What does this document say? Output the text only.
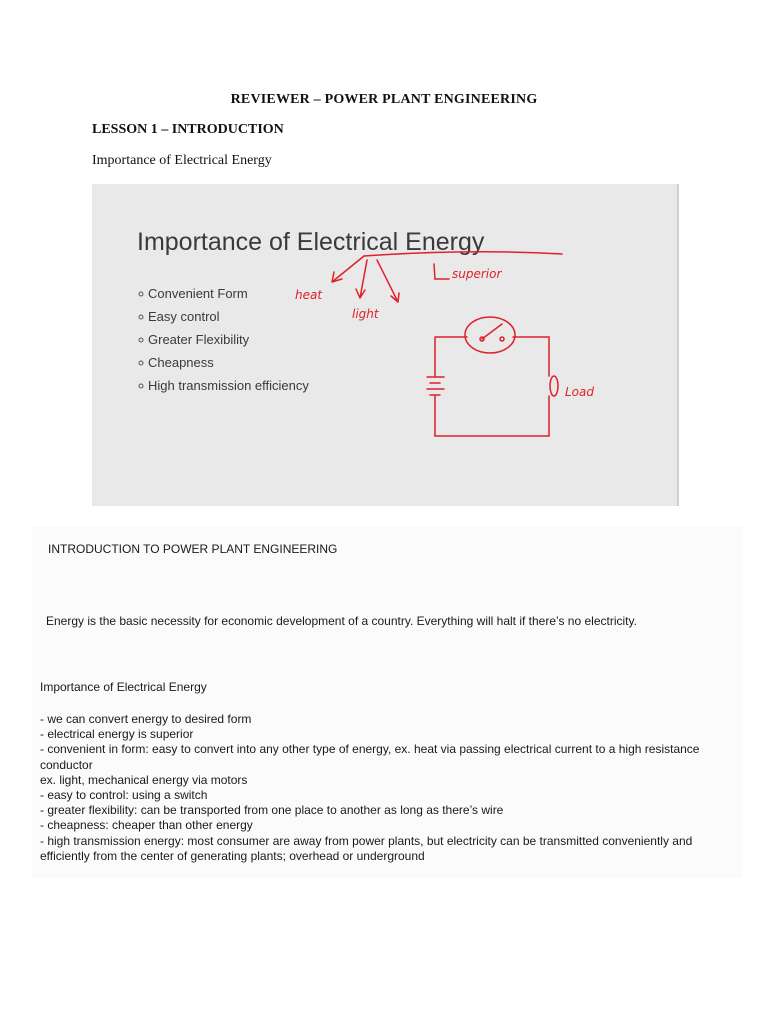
REVIEWER – POWER PLANT ENGINEERING
LESSON 1 – INTRODUCTION
Importance of Electrical Energy
Importance of Electrical Energy
Convenient Form
Easy control
Greater Flexibility
Cheapness
High transmission efficiency
heat
light
superior
Load
INTRODUCTION TO POWER PLANT ENGINEERING
Energy is the basic necessity for economic development of a country. Everything will halt if there’s no electricity.
Importance of Electrical Energy
- we can convert energy to desired form
- electrical energy is superior
- convenient in form: easy to convert into any other type of energy, ex. heat via passing electrical current to a high resistance conductor
ex. light, mechanical energy via motors
- easy to control: using a switch
- greater flexibility: can be transported from one place to another as long as there’s wire
- cheapness: cheaper than other energy
- high transmission energy: most consumer are away from power plants, but electricity can be transmitted conveniently and efficiently from the center of generating plants; overhead or underground
